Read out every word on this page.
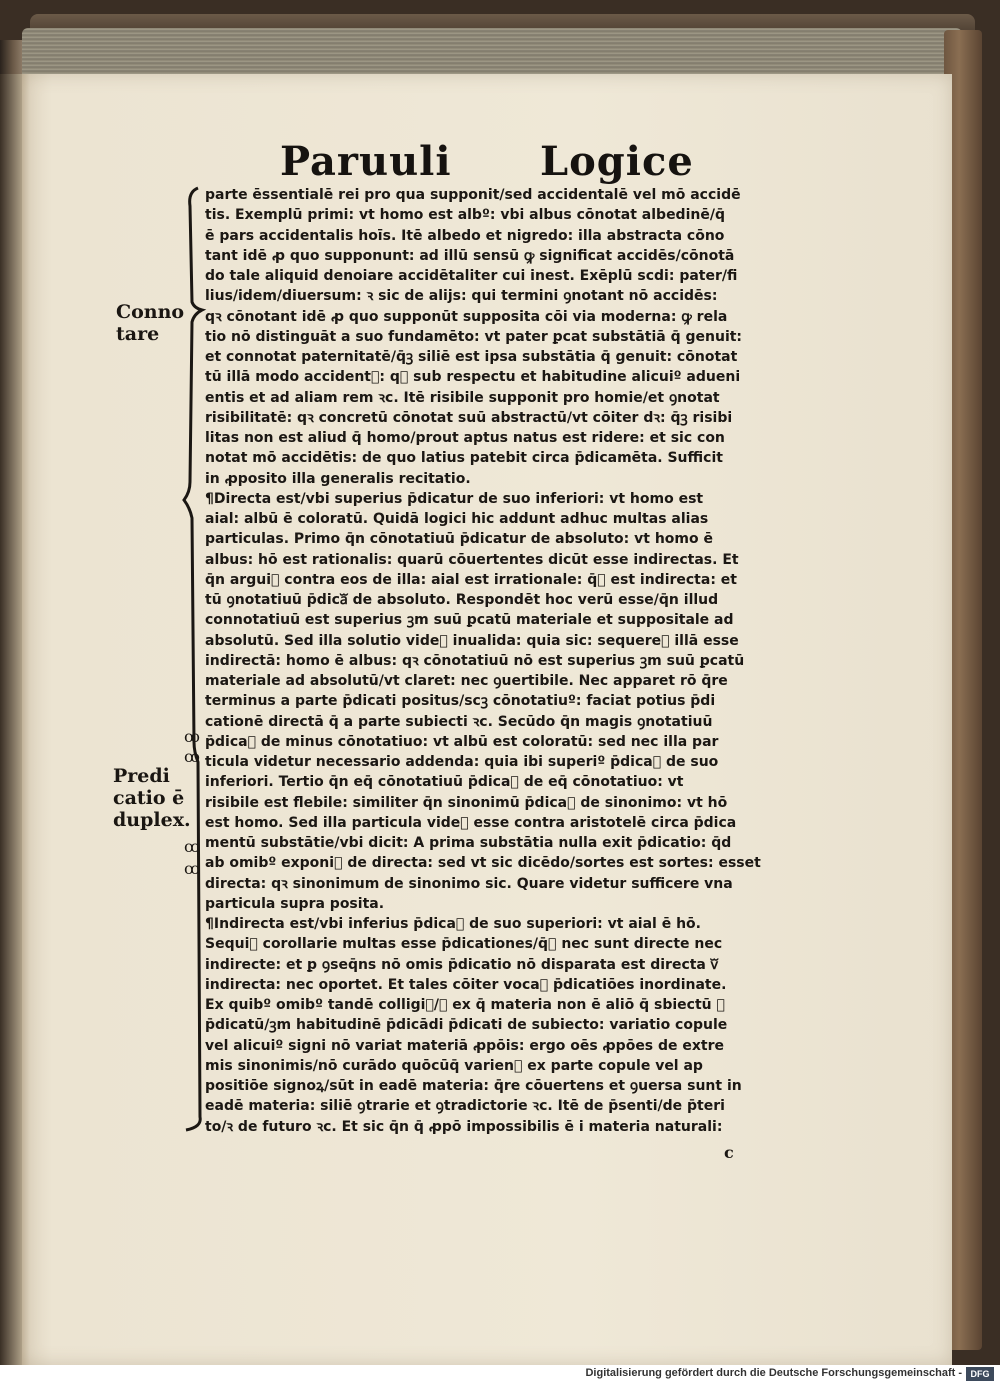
Paruuli Logice
ꝏ
ꝏ
ꝏ
ꝏ
Conno
tare
Predi
catio ē
duplex.
parte ēssentialē rei pro qua supponit/sed accidentalē vel mō accidē
tis. Exemplū primi: vt homo est albº: vbi albus cōnotat albedinē/q̄
ē pars accidentalis hoīs. Itē albedo et nigredo: illa abstracta cōno
tant idē ꝓ quo supponunt: ad illū sensū ꝙ significat accidēs/cōnotā
do tale aliquid denoiare accidētaliter cui inest. Exēplū scdi: pater/fi
lius/idem/diuersum: ꝛ sic de alijs: qui termini ꝯnotant nō accidēs:
qꝛ cōnotant idē ꝓ quo supponūt supposita cōi via moderna: ꝙ rela
tio nō distinguāt a suo fundamēto: vt pater ꝑcat substātiā q̄ genuit:
et connotat paternitatē/q̄ꝫ siliē est ipsa substātia q̄ genuit: cōnotat
tū illā modo accidentᷓ: qꝛ sub respectu et habitudine alicuiº adueni
entis et ad aliam rem ꝛc. Itē risibile supponit pro homie/et ꝯnotat
risibilitatē: qꝛ concretū cōnotat suū abstractū/vt cōiter dꝛ: q̄ꝫ risibi
litas non est aliud q̄ homo/prout aptus natus est ridere: et sic con
notat mō accidētis: de quo latius patebit circa p̄dicamēta. Sufficit
in ꝓposito illa generalis recitatio.
¶Directa est/vbi superius p̄dicatur de suo inferiori: vt homo est
aial: albū ē coloratū. Quidā logici hic addunt adhuc multas alias
particulas. Primo q̄n cōnotatiuū p̄dicatur de absoluto: vt homo ē
albus: hō est rationalis: quarū cōuertentes dicūt esse indirectas. Et
q̄n arguiᷓ contra eos de illa: aial est irrationale: q̄ꝫ est indirecta: et
tū ꝯnotatiuū p̄dicaᷓ de absoluto. Respondēt hoc verū esse/q̄n illud
connotatiuū est superius ꝫm suū ꝑcatū materiale et suppositale ad
absolutū. Sed illa solutio videᷓ inualida: quia sic: sequereᷓ illā esse
indirectā: homo ē albus: qꝛ cōnotatiuū nō est superius ꝫm suū ꝑcatū
materiale ad absolutū/vt claret: nec ꝯuertibile. Nec apparet rō q̄re
terminus a parte p̄dicati positus/scꝫ cōnotatiuº: faciat potius p̄di
cationē directā q̄ a parte subiecti ꝛc. Secūdo q̄n magis ꝯnotatiuū
p̄dicaᷓ de minus cōnotatiuo: vt albū est coloratū: sed nec illa par
ticula videtur necessario addenda: quia ibi superiº p̄dicaᷓ de suo
inferiori. Tertio q̄n eq̄ cōnotatiuū p̄dicaᷓ de eq̄ cōnotatiuo: vt
risibile est flebile: similiter q̄n sinonimū p̄dicaᷓ de sinonimo: vt hō
est homo. Sed illa particula videᷓ esse contra aristotelē circa p̄dica
mentū substātie/vbi dicit: A prima substātia nulla exit p̄dicatio: q̄d
ab omibº exponiᷓ de directa: sed vt sic dicēdo/sortes est sortes: esset
directa: qꝛ sinonimum de sinonimo sic. Quare videtur sufficere vna
particula supra posita.
¶Indirecta est/vbi inferius p̄dicaᷓ de suo superiori: vt aial ē hō.
Sequiᷓ corollarie multas esse p̄dicationes/q̄ꝫ nec sunt directe nec
indirecte: et ꝑ ꝯseq̄ns nō omis p̄dicatio nō disparata est directa vᷓ
indirecta: nec oportet. Et tales cōiter vocaᷓ p̄dicatiōes inordinate.
Ex quibº omibº tandē colligiᷓ/ꝙ ex q̄ materia non ē aliō q̄ sbiectū ꝛ
p̄dicatū/ꝫm habitudinē p̄dicādi p̄dicati de subiecto: variatio copule
vel alicuiº signi nō variat materiā ꝓpōis: ergo oēs ꝓpōes de extre
mis sinonimis/nō curādo quōcūq̄ varienᷓ ex parte copule vel ap
positiōe signoꝝ/sūt in eadē materia: q̄re cōuertens et ꝯuersa sunt in
eadē materia: siliē ꝯtrarie et ꝯtradictorie ꝛc. Itē de p̄senti/de p̄teri
to/ꝛ de futuro ꝛc. Et sic q̄n q̄ ꝓpō impossibilis ē i materia naturali:
c
Digitalisierung gefördert durch die Deutsche Forschungsgemeinschaft - DFG
